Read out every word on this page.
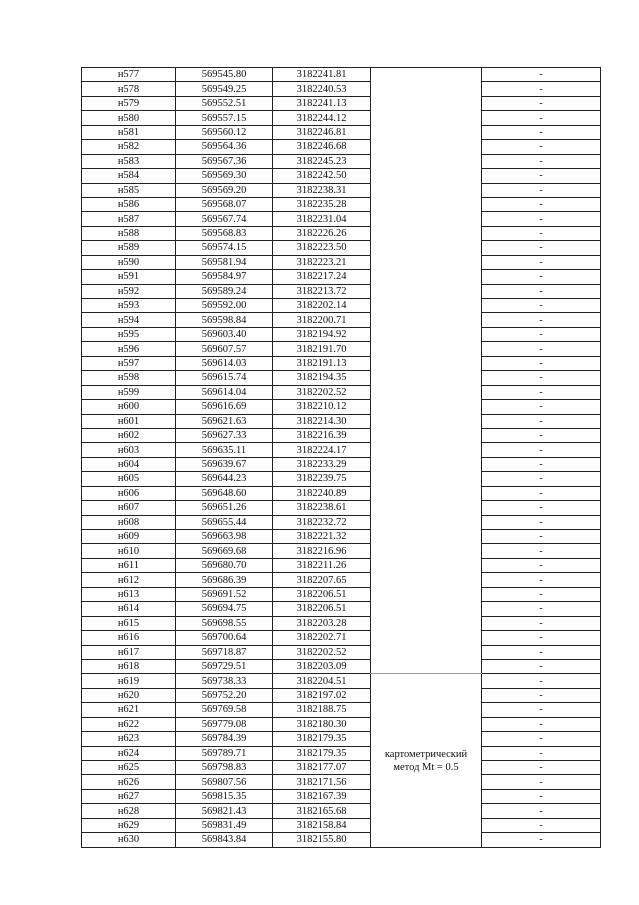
н577	569545.80	3182241.81		-
н578	569549.25	3182240.53		-
н579	569552.51	3182241.13		-
н580	569557.15	3182244.12		-
н581	569560.12	3182246.81		-
н582	569564.36	3182246.68		-
н583	569567.36	3182245.23		-
н584	569569.30	3182242.50		-
н585	569569.20	3182238.31		-
н586	569568.07	3182235.28		-
н587	569567.74	3182231.04		-
н588	569568.83	3182226.26		-
н589	569574.15	3182223.50		-
н590	569581.94	3182223.21		-
н591	569584.97	3182217.24		-
н592	569589.24	3182213.72		-
н593	569592.00	3182202.14		-
н594	569598.84	3182200.71		-
н595	569603.40	3182194.92		-
н596	569607.57	3182191.70		-
н597	569614.03	3182191.13		-
н598	569615.74	3182194.35		-
н599	569614.04	3182202.52		-
н600	569616.69	3182210.12		-
н601	569621.63	3182214.30		-
н602	569627.33	3182216.39		-
н603	569635.11	3182224.17		-
н604	569639.67	3182233.29		-
н605	569644.23	3182239.75		-
н606	569648.60	3182240.89		-
н607	569651.26	3182238.61		-
н608	569655.44	3182232.72		-
н609	569663.98	3182221.32		-
н610	569669.68	3182216.96		-
н611	569680.70	3182211.26		-
н612	569686.39	3182207.65		-
н613	569691.52	3182206.51		-
н614	569694.75	3182206.51		-
н615	569698.55	3182203.28		-
н616	569700.64	3182202.71		-
н617	569718.87	3182202.52		-
н618	569729.51	3182203.09		-
н619	569738.33	3182204.51	картометрический
метод Mt = 0.5	-
н620	569752.20	3182197.02		-
н621	569769.58	3182188.75		-
н622	569779.08	3182180.30		-
н623	569784.39	3182179.35		-
н624	569789.71	3182179.35		-
н625	569798.83	3182177.07		-
н626	569807.56	3182171.56		-
н627	569815.35	3182167.39		-
н628	569821.43	3182165.68		-
н629	569831.49	3182158.84		-
н630	569843.84	3182155.80		-
